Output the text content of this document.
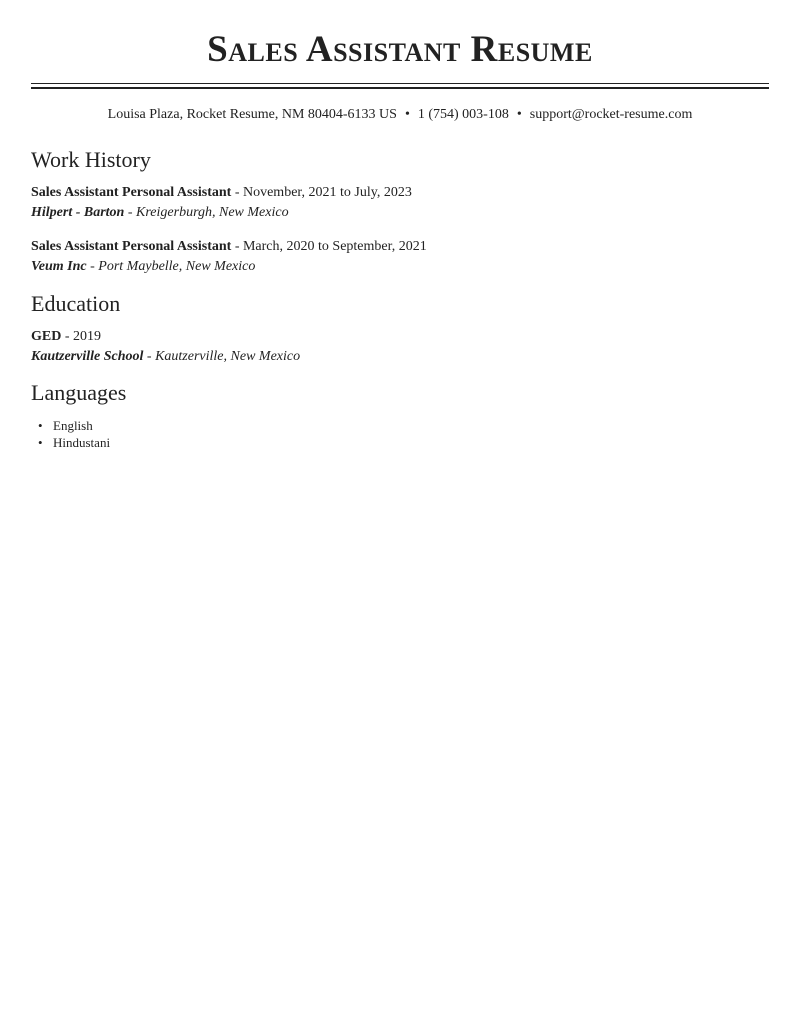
Sales Assistant Resume
Louisa Plaza, Rocket Resume, NM 80404-6133 US • 1 (754) 003-108 • support@rocket-resume.com
Work History
Sales Assistant Personal Assistant - November, 2021 to July, 2023
Hilpert - Barton - Kreigerburgh, New Mexico
Sales Assistant Personal Assistant - March, 2020 to September, 2021
Veum Inc - Port Maybelle, New Mexico
Education
GED - 2019
Kautzerville School - Kautzerville, New Mexico
Languages
• English
• Hindustani
